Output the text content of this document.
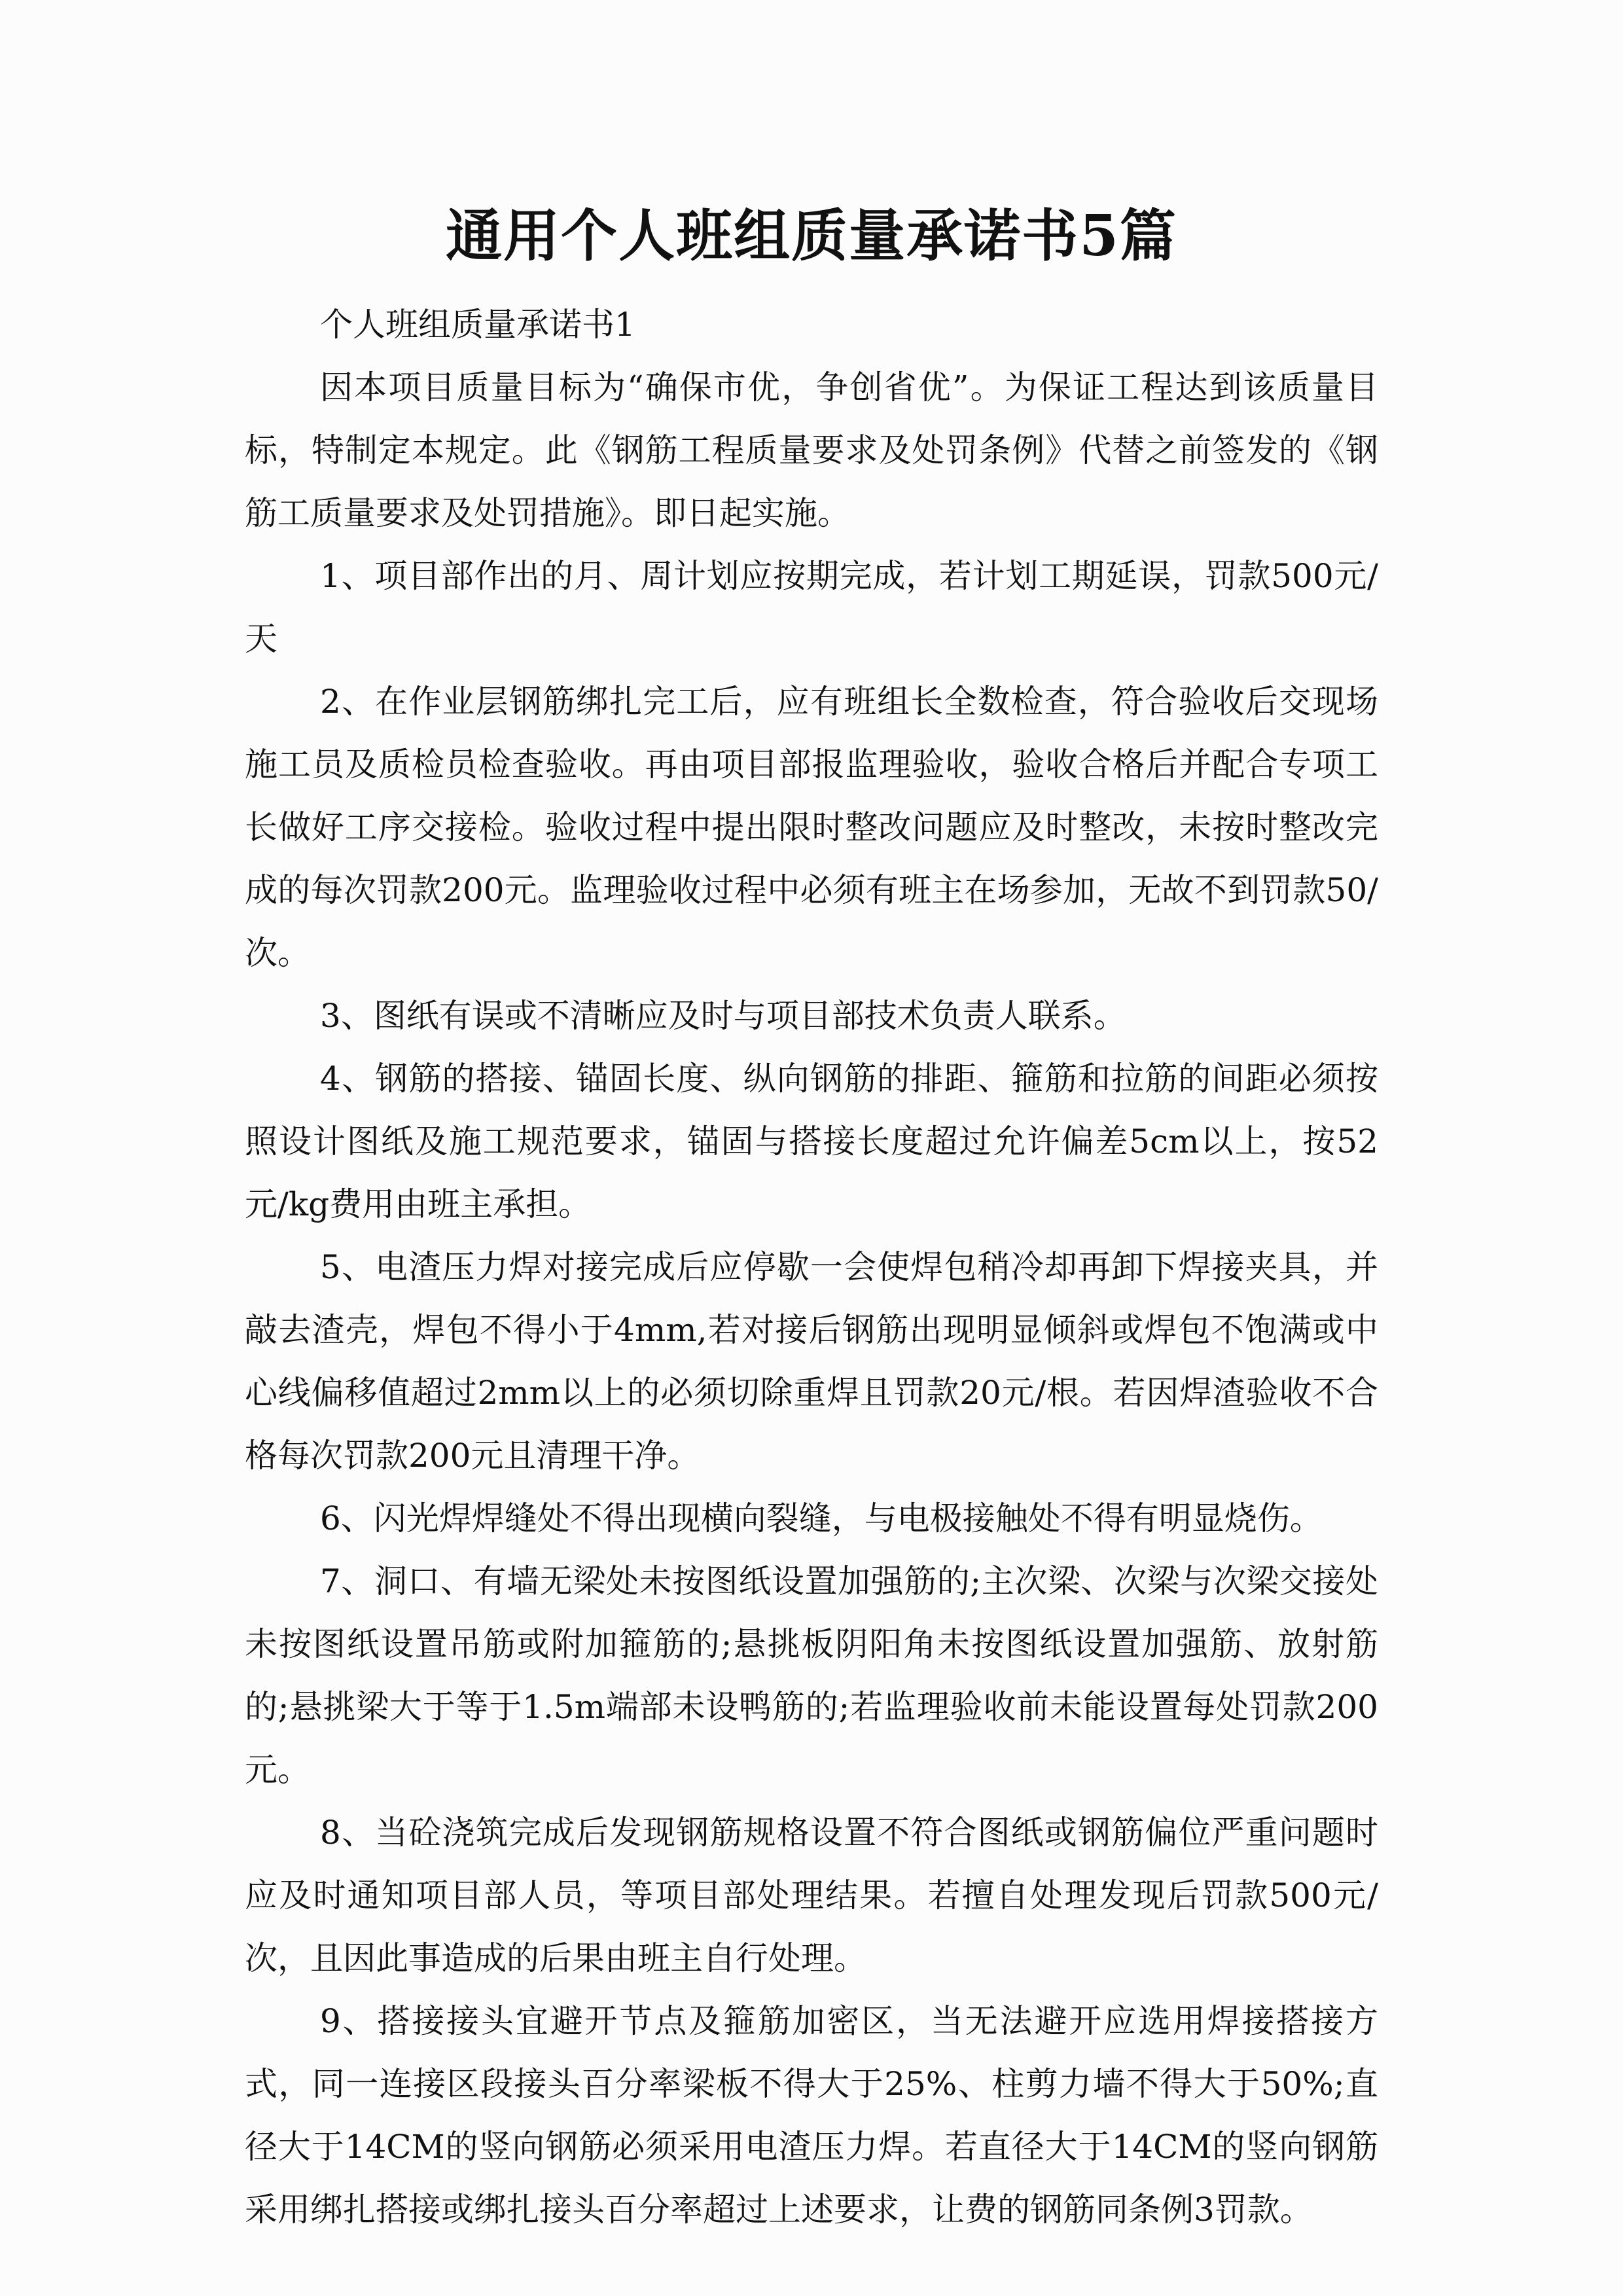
通用个人班组质量承诺书5篇

个人班组质量承诺书1

因本项目质量目标为“确保市优，争创省优”。为保证工程达到该质量目标，特制定本规定。此《钢筋工程质量要求及处罚条例》代替之前签发的《钢筋工质量要求及处罚措施》。即日起实施。

1、项目部作出的月、周计划应按期完成，若计划工期延误，罚款500元/天

2、在作业层钢筋绑扎完工后，应有班组长全数检查，符合验收后交现场施工员及质检员检查验收。再由项目部报监理验收，验收合格后并配合专项工长做好工序交接检。验收过程中提出限时整改问题应及时整改，未按时整改完成的每次罚款200元。监理验收过程中必须有班主在场参加，无故不到罚款50/次。

3、图纸有误或不清晰应及时与项目部技术负责人联系。

4、钢筋的搭接、锚固长度、纵向钢筋的排距、箍筋和拉筋的间距必须按照设计图纸及施工规范要求，锚固与搭接长度超过允许偏差5cm以上，按52元/kg费用由班主承担。

5、电渣压力焊对接完成后应停歇一会使焊包稍冷却再卸下焊接夹具，并敲去渣壳，焊包不得小于4mm,若对接后钢筋出现明显倾斜或焊包不饱满或中心线偏移值超过2mm以上的必须切除重焊且罚款20元/根。若因焊渣验收不合格每次罚款200元且清理干净。

6、闪光焊焊缝处不得出现横向裂缝，与电极接触处不得有明显烧伤。

7、洞口、有墙无梁处未按图纸设置加强筋的;主次梁、次梁与次梁交接处未按图纸设置吊筋或附加箍筋的;悬挑板阴阳角未按图纸设置加强筋、放射筋的;悬挑梁大于等于1.5m端部未设鸭筋的;若监理验收前未能设置每处罚款200元。

8、当砼浇筑完成后发现钢筋规格设置不符合图纸或钢筋偏位严重问题时应及时通知项目部人员，等项目部处理结果。若擅自处理发现后罚款500元/次，且因此事造成的后果由班主自行处理。

9、搭接接头宜避开节点及箍筋加密区，当无法避开应选用焊接搭接方式，同一连接区段接头百分率梁板不得大于25%、柱剪力墙不得大于50%;直径大于14CM的竖向钢筋必须采用电渣压力焊。若直径大于14CM的竖向钢筋采用绑扎搭接或绑扎接头百分率超过上述要求，让费的钢筋同条例3罚款。
